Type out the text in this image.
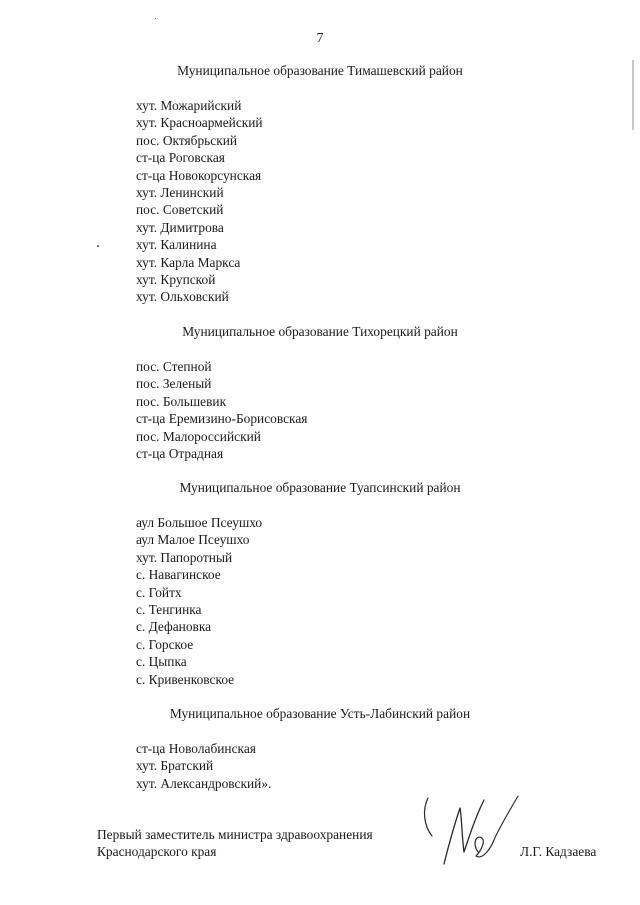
7
Муниципальное образование Тимашевский район
хут. Можарийский
хут. Красноармейский
пос. Октябрьский
ст-ца Роговская
ст-ца Новокорсунская
хут. Ленинский
пос. Советский
хут. Димитрова
хут. Калинина
хут. Карла Маркса
хут. Крупской
хут. Ольховский
Муниципальное образование Тихорецкий район
пос. Степной
пос. Зеленый
пос. Большевик
ст-ца Еремизино-Борисовская
пос. Малороссийский
ст-ца Отрадная
Муниципальное образование Туапсинский район
аул Большое Псеушхо
аул Малое Псеушхо
хут. Папоротный
с. Навагинское
с. Гойтх
с. Тенгинка
с. Дефановка
с. Горское
с. Цыпка
с. Кривенковское
Муниципальное образование Усть-Лабинский район
ст-ца Новолабинская
хут. Братский
хут. Александровский».
Первый заместитель министра здравоохранения
Краснодарского края	Л.Г. Кадзаева
